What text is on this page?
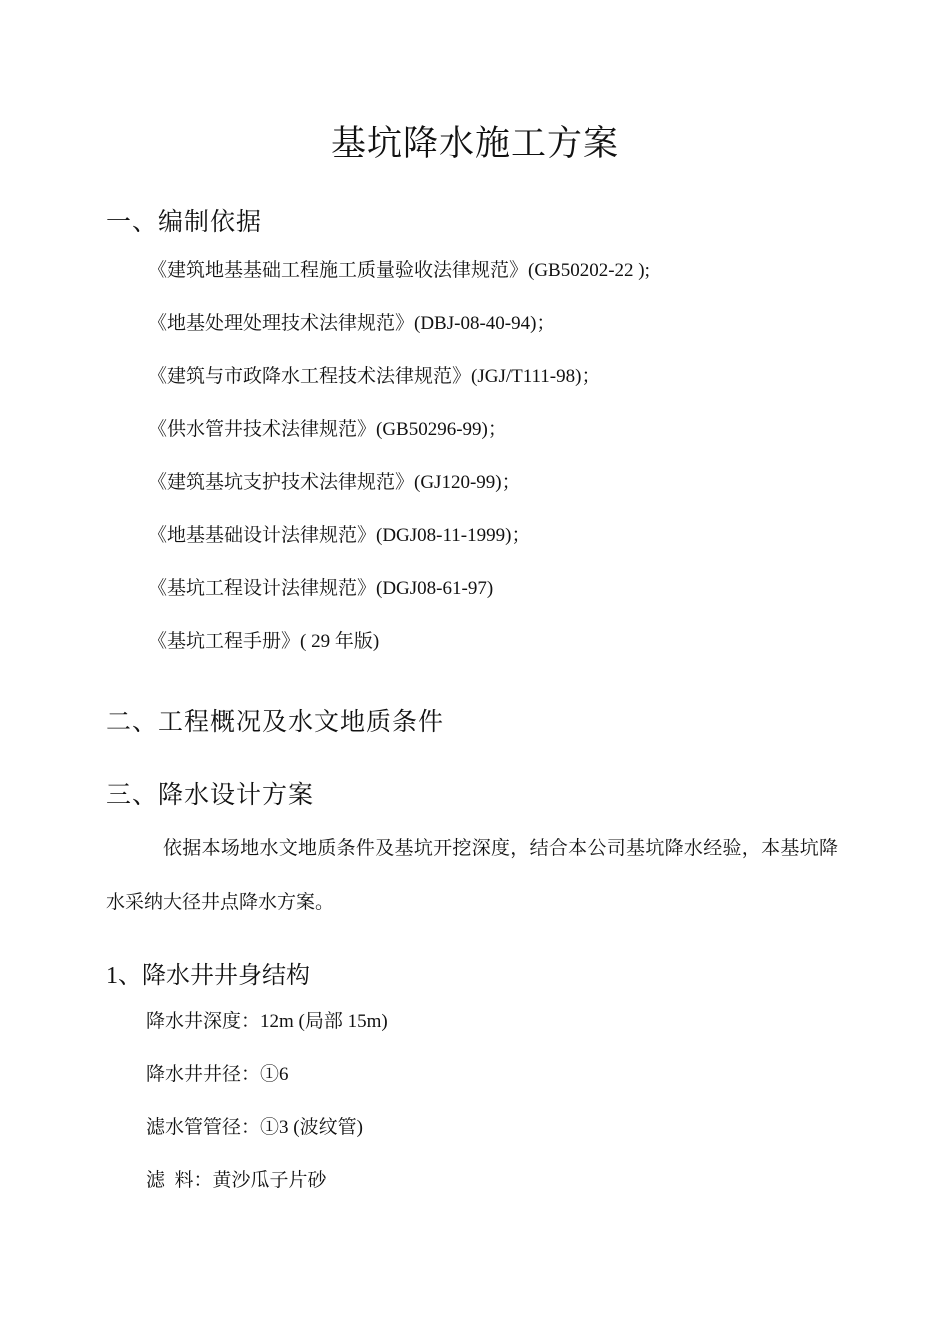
基坑降水施工方案
一、编制依据

《建筑地基基础工程施工质量验收法律规范》(GB50202-22 );

《地基处理处理技术法律规范》(DBJ-08-40-94)；

《建筑与市政降水工程技术法律规范》(JGJ/T111-98)；

《供水管井技术法律规范》(GB50296-99)；

《建筑基坑支护技术法律规范》(GJ120-99)；

《地基基础设计法律规范》(DGJ08-11-1999)；

《基坑工程设计法律规范》(DGJ08-61-97)

《基坑工程手册》( 29 年版)

二、工程概况及水文地质条件
三、降水设计方案

依据本场地水文地质条件及基坑开挖深度，结合本公司基坑降水经验，本基坑降水采纳大径井点降水方案。

1、降水井井身结构

降水井深度：12m (局部 15m)

降水井井径：①6

滤水管管径：①3 (波纹管)

滤  料：黄沙瓜子片砂
